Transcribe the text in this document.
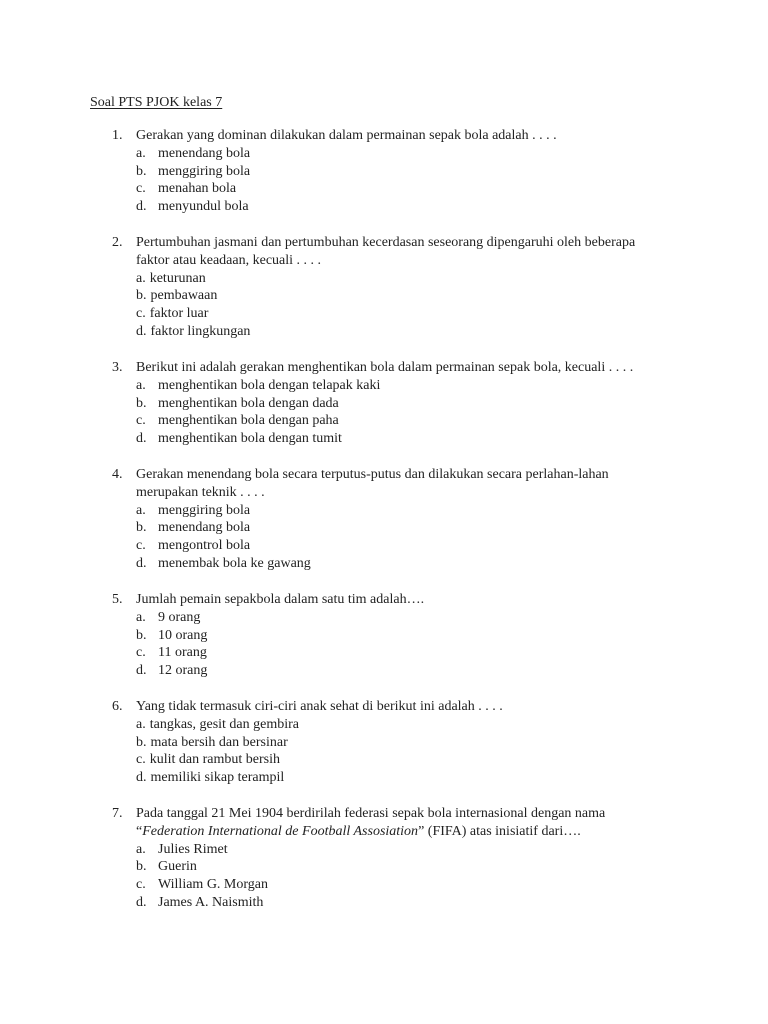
Soal PTS PJOK kelas 7
1. Gerakan yang dominan dilakukan dalam permainan sepak bola adalah . . . .
a. menendang bola
b. menggiring bola
c. menahan bola
d. menyundul bola
2. Pertumbuhan jasmani dan pertumbuhan kecerdasan seseorang dipengaruhi oleh beberapa
faktor atau keadaan, kecuali . . . .
a. keturunan
b. pembawaan
c. faktor luar
d. faktor lingkungan
3. Berikut ini adalah gerakan menghentikan bola dalam permainan sepak bola, kecuali . . . .
a. menghentikan bola dengan telapak kaki
b. menghentikan bola dengan dada
c. menghentikan bola dengan paha
d. menghentikan bola dengan tumit
4. Gerakan menendang bola secara terputus-putus dan dilakukan secara perlahan-lahan
merupakan teknik . . . .
a. menggiring bola
b. menendang bola
c. mengontrol bola
d. menembak bola ke gawang
5. Jumlah pemain sepakbola dalam satu tim adalah….
a. 9 orang
b. 10 orang
c. 11 orang
d. 12 orang
6. Yang tidak termasuk ciri-ciri anak sehat di berikut ini adalah . . . .
a. tangkas, gesit dan gembira
b. mata bersih dan bersinar
c. kulit dan rambut bersih
d. memiliki sikap terampil
7. Pada tanggal 21 Mei 1904 berdirilah federasi sepak bola internasional dengan nama
“Federation International de Football Assosiation” (FIFA) atas inisiatif dari….
a. Julies Rimet
b. Guerin
c. William G. Morgan
d. James A. Naismith
